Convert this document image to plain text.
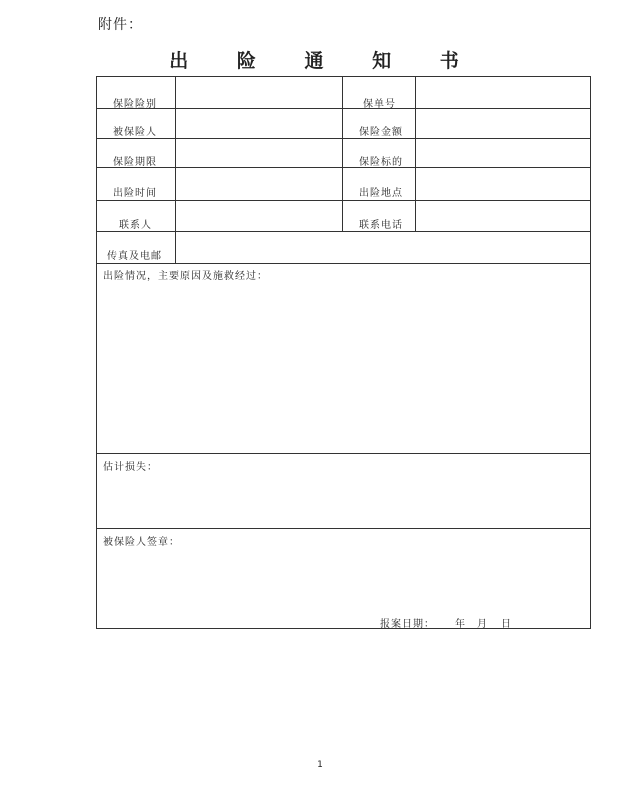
附件：
出 险 通 知 书
保险险别	保单号
被保险人	保险金额
保险期限	保险标的
出险时间	出险地点
联系人	联系电话
传真及电邮
出险情况，主要原因及施救经过：
估计损失：
被保险人签章：
报案日期： 年 月 日
1
